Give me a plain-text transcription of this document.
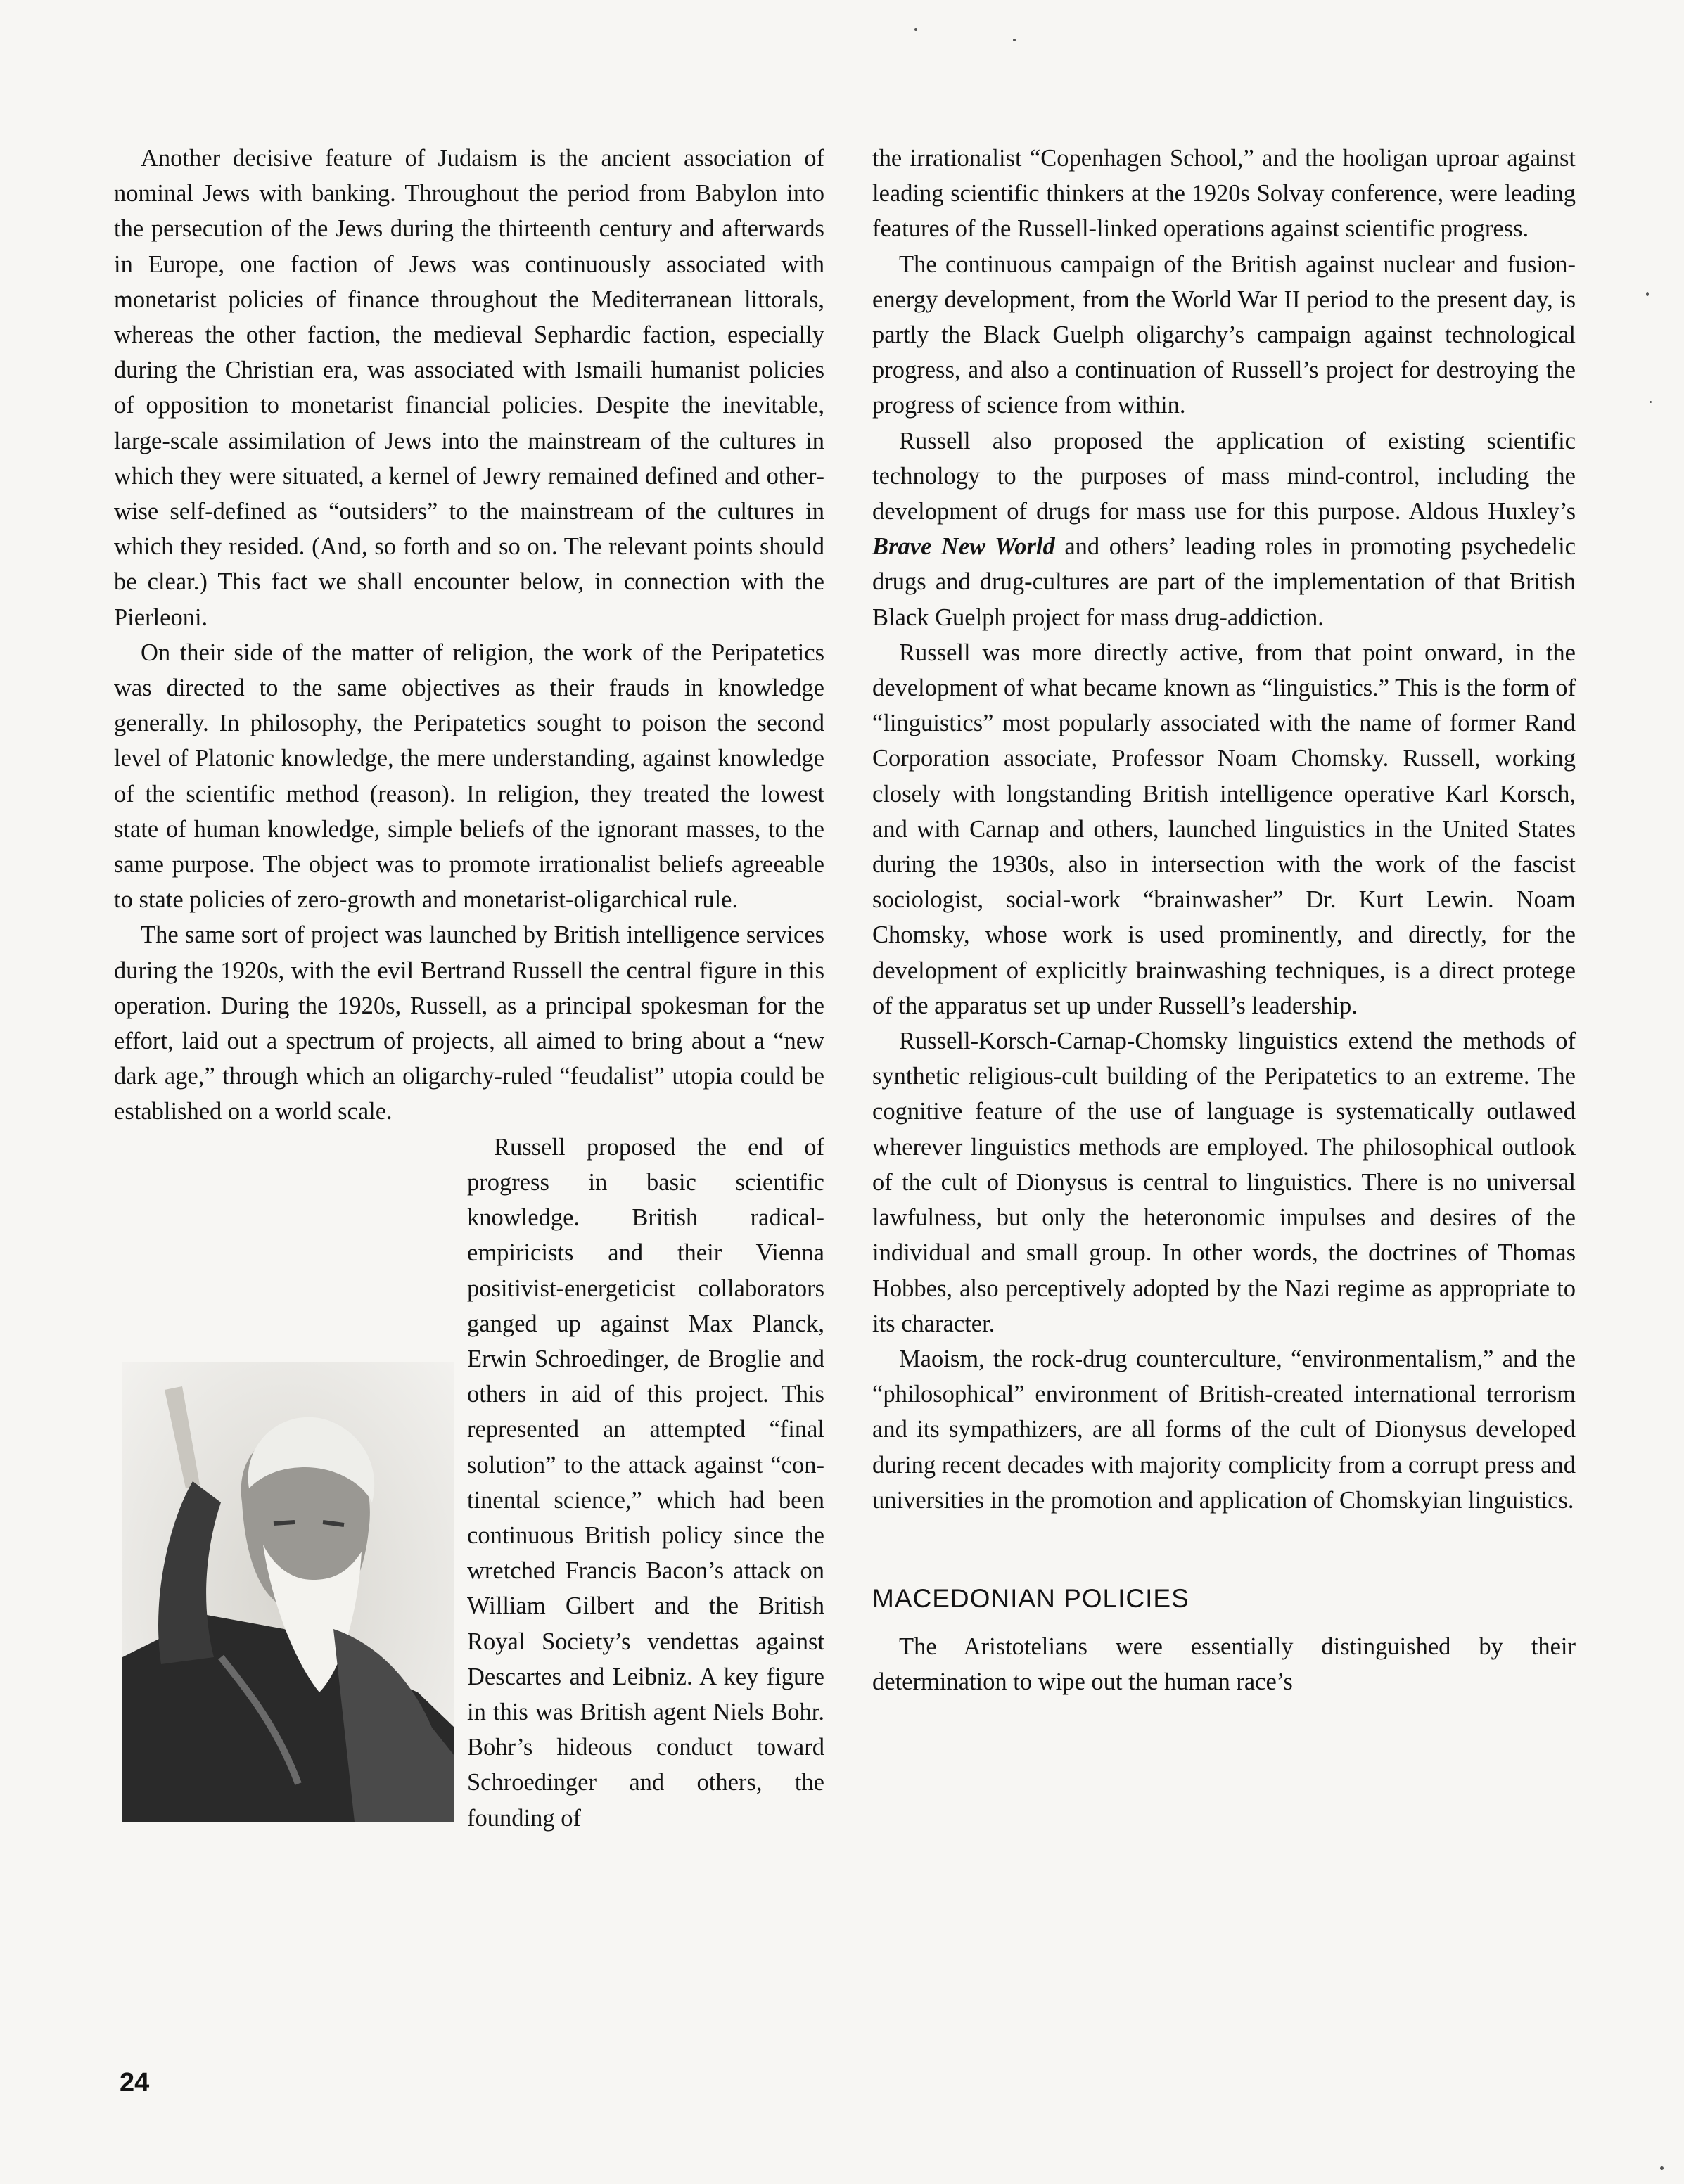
Another decisive feature of Judaism is the ancient association of nominal Jews with banking. Throughout the period from Babylon into the persecution of the Jews during the thirteenth century and afterwards in Europe, one faction of Jews was continuously associated with monetarist policies of finance throughout the Mediterranean littorals, whereas the other faction, the medieval Sephardic faction, especially during the Christian era, was associated with Ismaili humanist policies of opposition to monetarist financial policies. Despite the inevitable, large-scale assimilation of Jews into the mainstream of the cultures in which they were situated, a kernel of Jewry remained defined and otherwise self-defined as “outsiders” to the mainstream of the cultures in which they resided. (And, so forth and so on. The relevant points should be clear.) This fact we shall encounter below, in connection with the Pierleoni.

On their side of the matter of religion, the work of the Peripatetics was directed to the same objectives as their frauds in knowledge generally. In philosophy, the Peripatetics sought to poison the second level of Platonic knowledge, the mere understanding, against knowledge of the scientific method (reason). In religion, they treated the lowest state of human knowledge, simple beliefs of the ignorant masses, to the same purpose. The object was to promote irrationalist beliefs agreeable to state policies of zero-growth and monetarist-oligarchical rule.

The same sort of project was launched by British intelligence services during the 1920s, with the evil Bertrand Russell the central figure in this operation. During the 1920s, Russell, as a principal spokesman for the effort, laid out a spectrum of projects, all aimed to bring about a “new dark age,” through which an oligarchy-ruled “feudalist” utopia could be established on a world scale.

Russell proposed the end of progress in basic scientific knowledge. British radical-empiricists and their Vienna positivist-energeticist collaborators ganged up against Max Planck, Erwin Schroedinger, de Broglie and others in aid of this project. This represented an attempted “final solution” to the attack against “continental science,” which had been continuous British policy since the wretched Francis Bacon’s attack on William Gilbert and the British Royal Society’s vendettas against Descartes and Leibniz. A key figure in this was British agent Niels Bohr. Bohr’s hideous conduct toward Schroedinger and others, the founding of

the irrationalist “Copenhagen School,” and the hooligan uproar against leading scientific thinkers at the 1920s Solvay conference, were leading features of the Russell-linked operations against scientific progress.

The continuous campaign of the British against nuclear and fusion-energy development, from the World War II period to the present day, is partly the Black Guelph oligarchy’s campaign against technological progress, and also a continuation of Russell’s project for destroying the progress of science from within.

Russell also proposed the application of existing scientific technology to the purposes of mass mind-control, including the development of drugs for mass use for this purpose. Aldous Huxley’s Brave New World and others’ leading roles in promoting psychedelic drugs and drug-cultures are part of the implementation of that British Black Guelph project for mass drug-addiction.

Russell was more directly active, from that point onward, in the development of what became known as “linguistics.” This is the form of “linguistics” most popularly associated with the name of former Rand Corporation associate, Professor Noam Chomsky. Russell, working closely with longstanding British intelligence operative Karl Korsch, and with Carnap and others, launched linguistics in the United States during the 1930s, also in intersection with the work of the fascist sociologist, social-work “brainwasher” Dr. Kurt Lewin. Noam Chomsky, whose work is used prominently, and directly, for the development of explicitly brainwashing techniques, is a direct protege of the apparatus set up under Russell’s leadership.

Russell-Korsch-Carnap-Chomsky linguistics extend the methods of synthetic religious-cult building of the Peripatetics to an extreme. The cognitive feature of the use of language is systematically outlawed wherever linguistics methods are employed. The philosophical outlook of the cult of Dionysus is central to linguistics. There is no universal lawfulness, but only the heteronomic impulses and desires of the individual and small group. In other words, the doctrines of Thomas Hobbes, also perceptively adopted by the Nazi regime as appropriate to its character.

Maoism, the rock-drug counterculture, “environmentalism,” and the “philosophical” environment of British-created international terrorism and its sympathizers, are all forms of the cult of Dionysus developed during recent decades with majority complicity from a corrupt press and universities in the promotion and application of Chomskyian linguistics.

MACEDONIAN POLICIES

The Aristotelians were essentially distinguished by their determination to wipe out the human race’s

24
